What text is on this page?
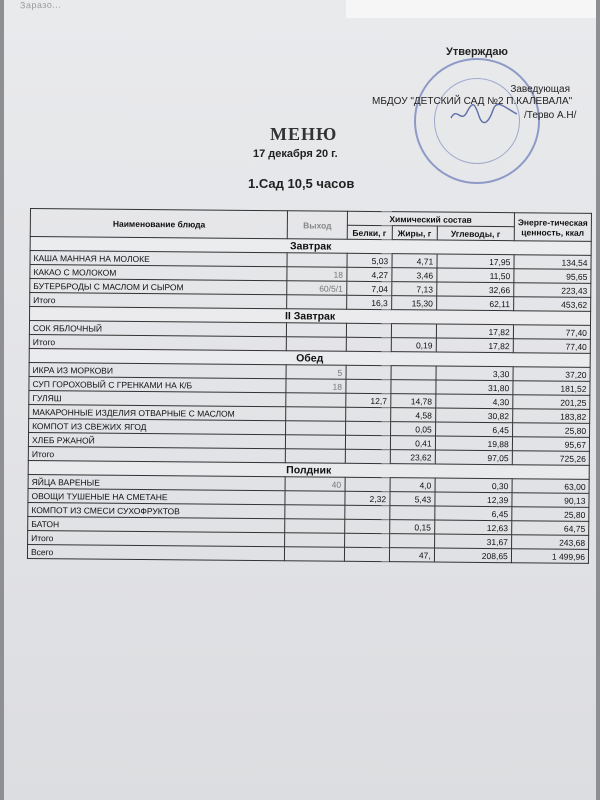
Заразо...
Утверждаю
Заведующая
МБДОУ "ДЕТСКИЙ САД №2 П.КАЛЕВАЛА"
/Терво А.Н/
МЕНЮ
17 декабря 20 г.
1.Сад 10,5 часов
Наименование блюда	Выход	Химический состав			Энерге-тическая ценность, ккал
		Белки, г	Жиры, г	Углеводы, г	
Завтрак					
КАША МАННАЯ НА МОЛОКЕ		5,03	4,71	17,95	134,54
КАКАО С МОЛОКОМ	18	4,27	3,46	11,50	95,65
БУТЕРБРОДЫ С МАСЛОМ И СЫРОМ	60/5/1	7,04	7,13	32,66	223,43
Итого		16,3	15,30	62,11	453,62
II Завтрак					
СОК ЯБЛОЧНЫЙ				17,82	77,40
Итого			0,19	17,82	77,40
Обед					
ИКРА ИЗ МОРКОВИ	5			3,30	37,20
СУП ГОРОХОВЫЙ С ГРЕНКАМИ НА К/Б	18			31,80	181,52
ГУЛЯШ		12,7	14,78	4,30	201,25
МАКАРОННЫЕ ИЗДЕЛИЯ ОТВАРНЫЕ С МАСЛОМ			4,58	30,82	183,82
КОМПОТ ИЗ СВЕЖИХ ЯГОД			0,05	6,45	25,80
ХЛЕБ РЖАНОЙ			0,41	19,88	95,67
Итого			23,62	97,05	725,26
Полдник					
ЯЙЦА ВАРЕНЫЕ	40		4,0	0,30	63,00
ОВОЩИ ТУШЕНЫЕ НА СМЕТАНЕ		2,32	5,43	12,39	90,13
КОМПОТ ИЗ СМЕСИ СУХОФРУКТОВ				6,45	25,80
БАТОН			0,15	12,63	64,75
Итого				31,67	243,68
Всего			47,	208,65	1 499,96
